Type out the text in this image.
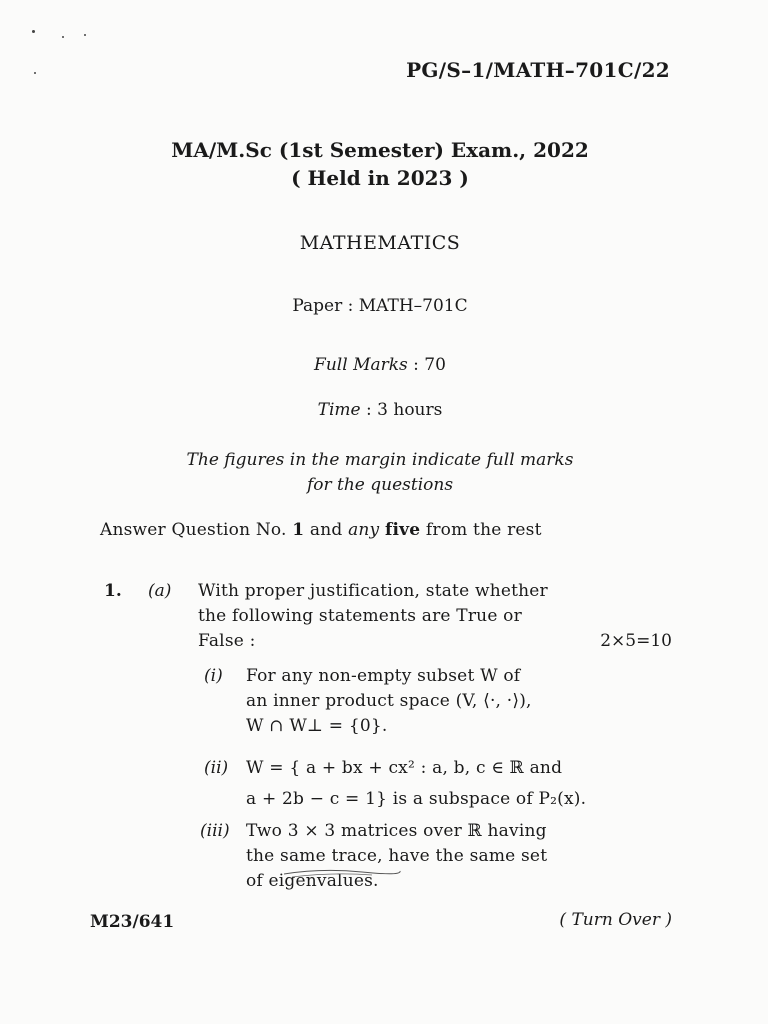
PG/S–1/MATH–701C/22
MA/M.Sc (1st Semester) Exam., 2022
( Held in 2023 )
MATHEMATICS
Paper : MATH–701C
Full Marks : 70
Time : 3 hours
The figures in the margin indicate full marks
for the questions
Answer Question No. 1 and any five from the rest
1. (a) With proper justification, state whether
the following statements are True or
False :	2×5=10
(i) For any non-empty subset W of
an inner product space (V, ⟨·, ·⟩),
W ∩ W⊥ = {0}.
(ii) W = { a + bx + cx² : a, b, c ∈ ℝ and
a + 2b − c = 1} is a subspace of P₂(x).
(iii) Two 3 × 3 matrices over ℝ having
the same trace, have the same set
of eigenvalues.
M23/641	( Turn Over )
